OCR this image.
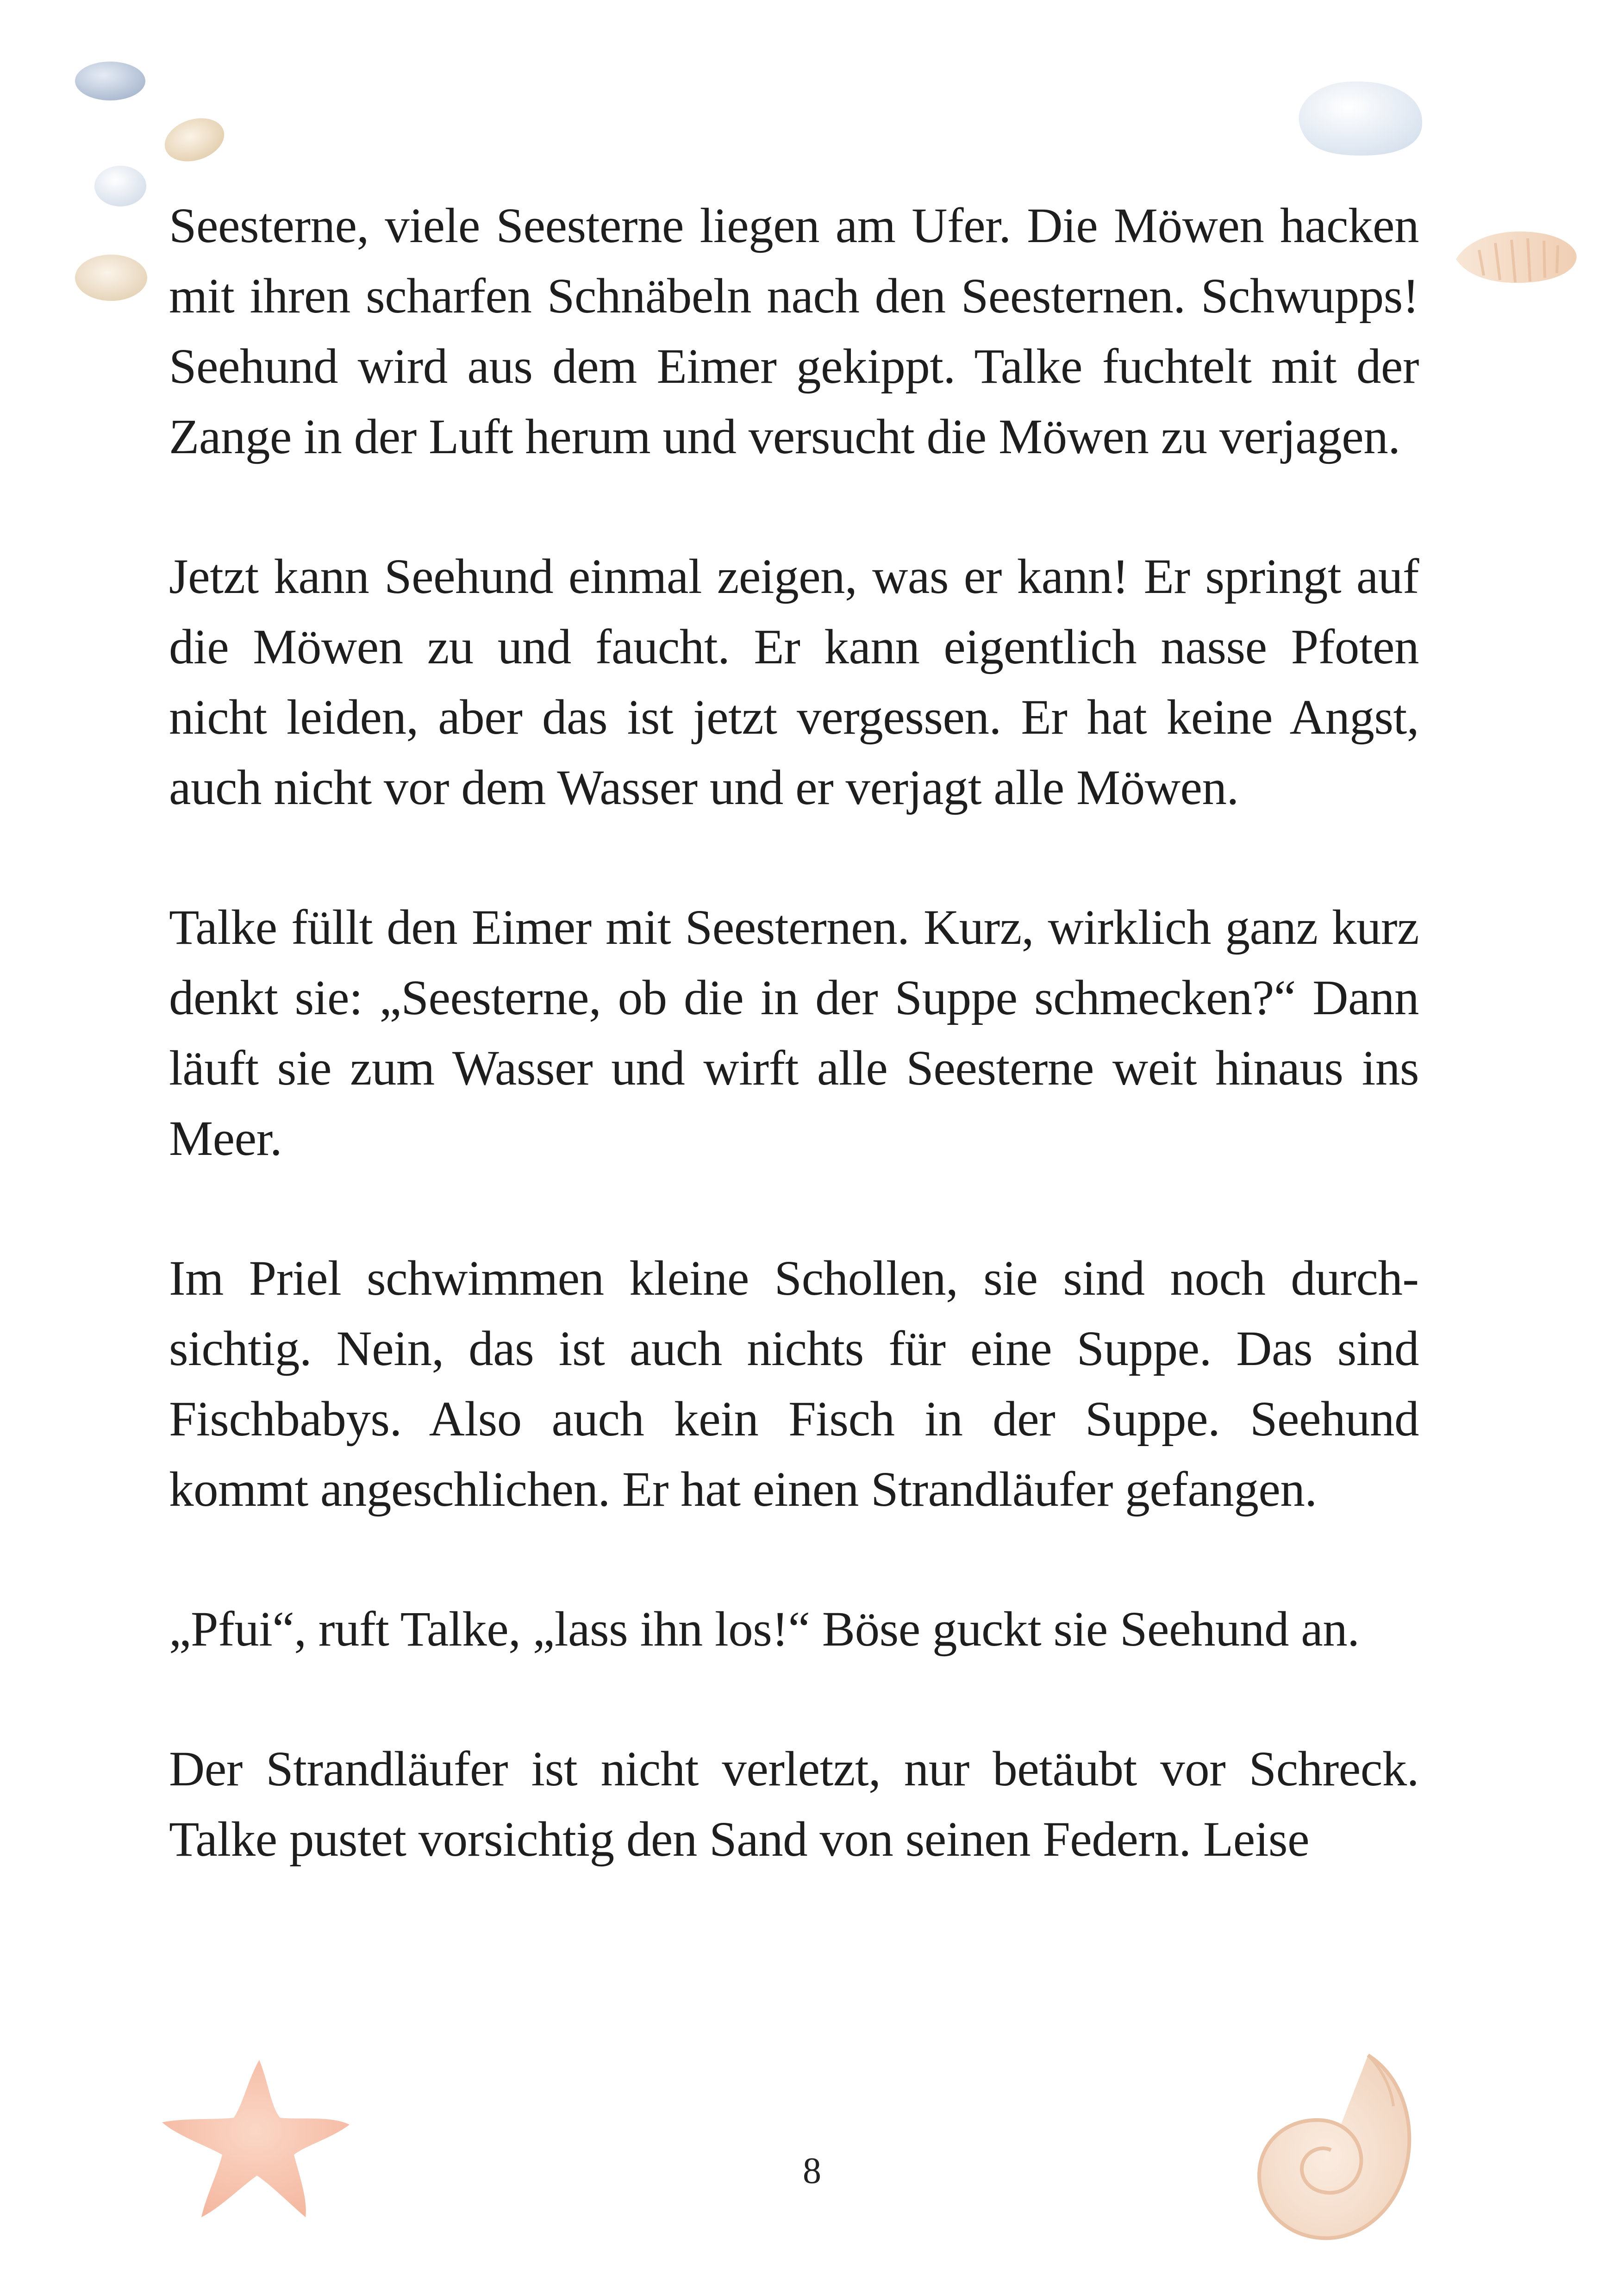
Seesterne, viele Seesterne liegen am Ufer. Die Möwen hacken mit ihren scharfen Schnäbeln nach den Seesternen. Schwupps! Seehund wird aus dem Eimer gekippt. Talke fuchtelt mit der Zange in der Luft herum und versucht die Möwen zu verjagen.

Jetzt kann Seehund einmal zeigen, was er kann! Er springt auf die Möwen zu und faucht. Er kann eigentlich nasse Pfoten nicht leiden, aber das ist jetzt vergessen. Er hat keine Angst, auch nicht vor dem Wasser und er verjagt alle Möwen.

Talke füllt den Eimer mit Seesternen. Kurz, wirklich ganz kurz denkt sie: „Seesterne, ob die in der Suppe schmecken?“ Dann läuft sie zum Wasser und wirft alle Seesterne weit hinaus ins Meer.

Im Priel schwimmen kleine Schollen, sie sind noch durchsichtig. Nein, das ist auch nichts für eine Suppe. Das sind Fischbabys. Also auch kein Fisch in der Suppe. Seehund kommt angeschlichen. Er hat einen Strandläufer gefangen.

„Pfui“, ruft Talke, „lass ihn los!“ Böse guckt sie Seehund an.

Der Strandläufer ist nicht verletzt, nur betäubt vor Schreck. Talke pustet vorsichtig den Sand von seinen Federn. Leise

8
